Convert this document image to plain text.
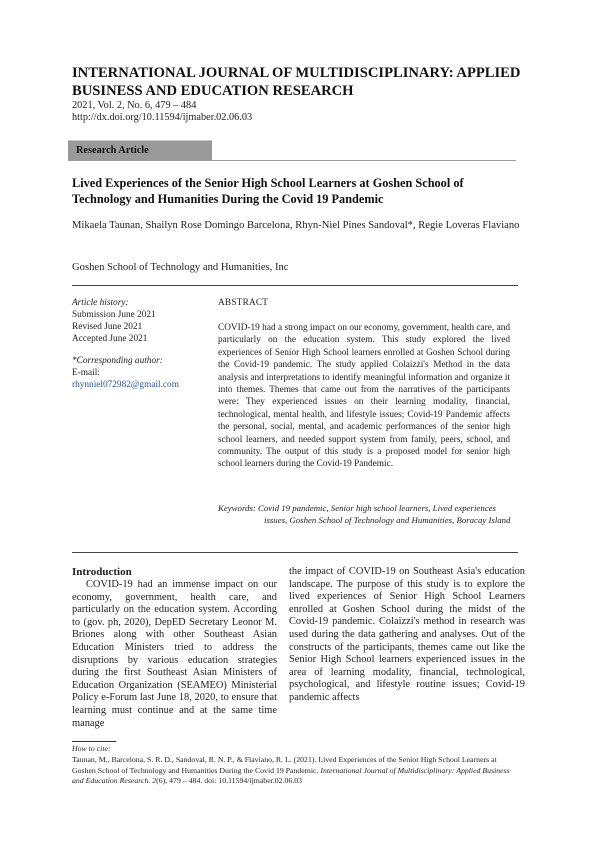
INTERNATIONAL JOURNAL OF MULTIDISCIPLINARY: APPLIED BUSINESS AND EDUCATION RESEARCH
2021, Vol. 2, No. 6, 479 – 484
http://dx.doi.org/10.11594/ijmaber.02.06.03
Research Article
Lived Experiences of the Senior High School Learners at Goshen School of Technology and Humanities During the Covid 19 Pandemic
Mikaela Taunan, Shailyn Rose Domingo Barcelona, Rhyn-Niel Pines Sandoval*, Regie Loveras Flaviano
Goshen School of Technology and Humanities, Inc
Article history:
Submission June 2021
Revised June 2021
Accepted June 2021
*Corresponding author:
E-mail:
rhynniel072982@gmail.com
ABSTRACT
COVID-19 had a strong impact on our economy, government, health care, and particularly on the education system. This study explored the lived experiences of Senior High School learners enrolled at Goshen School during the Covid-19 pandemic. The study applied Colaizzi's Method in the data analysis and interpretations to identify meaningful information and organize it into themes. Themes that came out from the narratives of the participants were: They experienced issues on their learning modality, financial, technological, mental health, and lifestyle issues; Covid-19 Pandemic affects the personal, social, mental, and academic performances of the senior high school learners, and needed support system from family, peers, school, and community. The output of this study is a proposed model for senior high school learners during the Covid-19 Pandemic.
Keywords: Covid 19 pandemic, Senior high school learners, Lived experiences issues, Goshen School of Technology and Humanities, Boracay Island
Introduction
COVID-19 had an immense impact on our economy, government, health care, and particularly on the education system. According to (gov. ph, 2020), DepED Secretary Leonor M. Briones along with other Southeast Asian Education Ministers tried to address the disruptions by various education strategies during the first Southeast Asian Ministers of Education Organization (SEAMEO) Ministerial Policy e-Forum last June 18, 2020, to ensure that learning must continue and at the same time manage
the impact of COVID-19 on Southeast Asia's education landscape. The purpose of this study is to explore the lived experiences of Senior High School Learners enrolled at Goshen School during the midst of the Covid-19 pandemic. Colaizzi's method in research was used during the data gathering and analyses. Out of the constructs of the participants, themes came out like the Senior High School learners experienced issues in the area of learning modality, financial, technological, psychological, and lifestyle routine issues; Covid-19 pandemic affects
How to cite:
Taunan, M., Barcelona, S. R. D., Sandoval, R. N. P., & Flaviano, R. L. (2021). Lived Experiences of the Senior High School Learners at Goshen School of Technology and Humanities During the Covid 19 Pandemic. International Journal of Multidisciplinary: Applied Business and Education Research. 2(6), 479 – 484. doi: 10.11594/ijmaber.02.06.03
